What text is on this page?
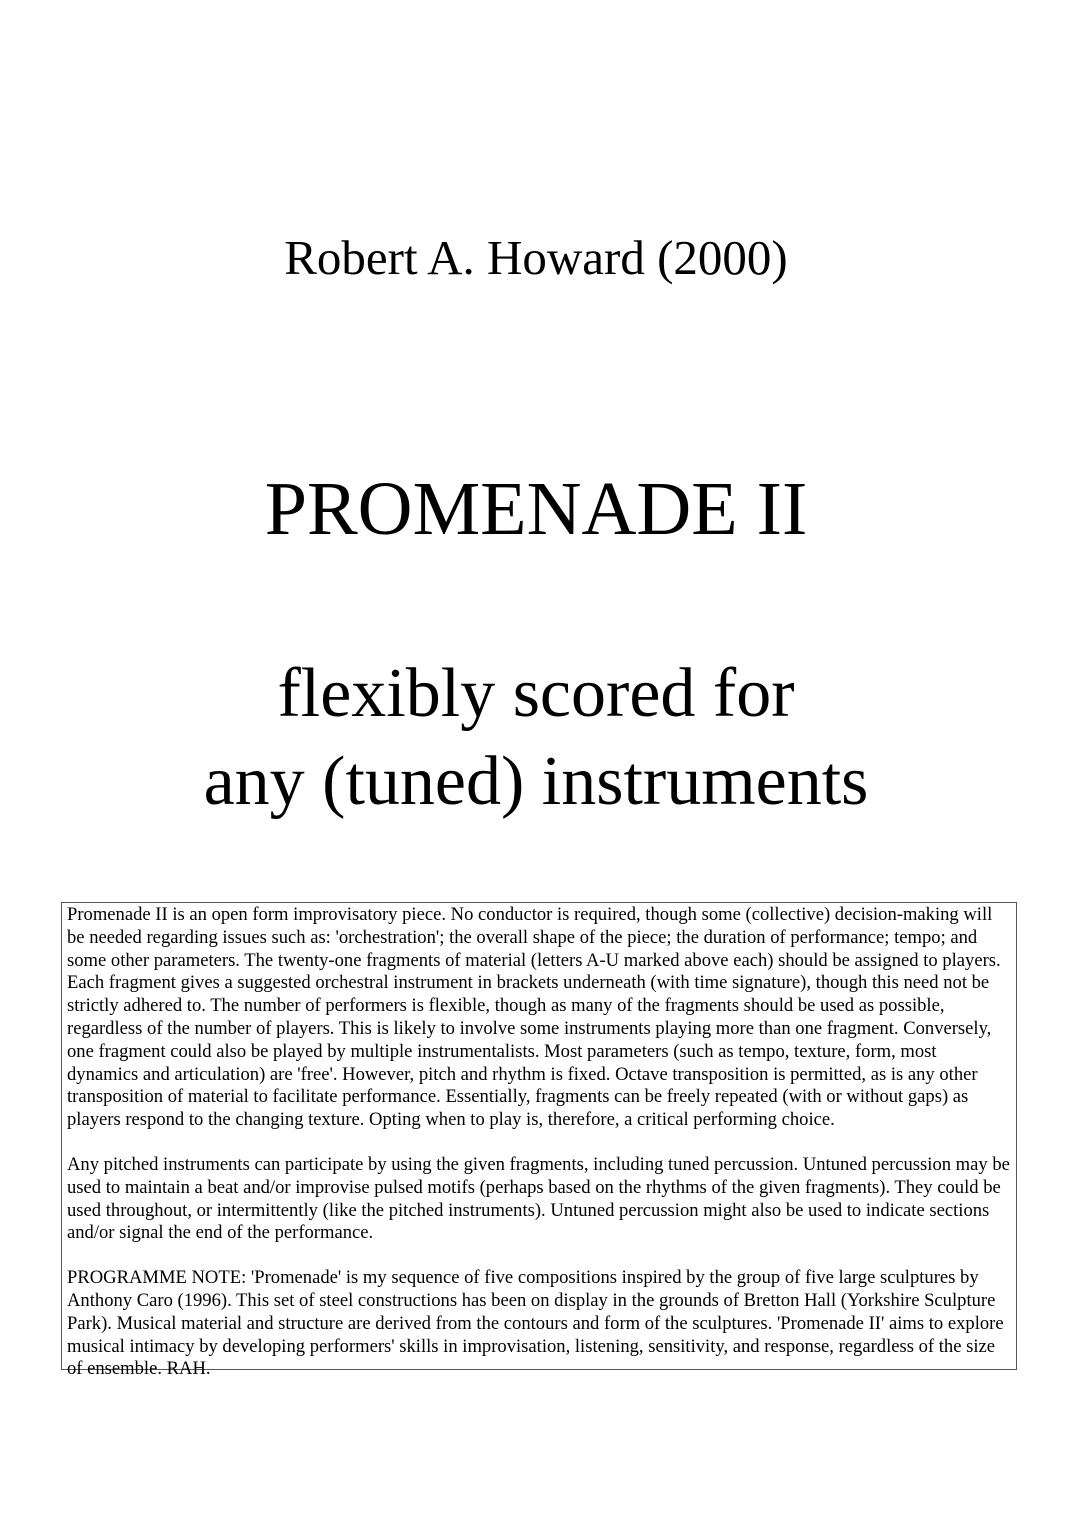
Robert A. Howard (2000)
PROMENADE II
flexibly scored for
any (tuned) instruments

Promenade II is an open form improvisatory piece. No conductor is required, though some (collective) decision-making will be needed regarding issues such as: 'orchestration'; the overall shape of the piece; the duration of performance; tempo; and some other parameters. The twenty-one fragments of material (letters A-U marked above each) should be assigned to players. Each fragment gives a suggested orchestral instrument in brackets underneath (with time signature), though this need not be strictly adhered to. The number of performers is flexible, though as many of the fragments should be used as possible, regardless of the number of players. This is likely to involve some instruments playing more than one fragment. Conversely, one fragment could also be played by multiple instrumentalists. Most parameters (such as tempo, texture, form, most dynamics and articulation) are 'free'. However, pitch and rhythm is fixed. Octave transposition is permitted, as is any other transposition of material to facilitate performance. Essentially, fragments can be freely repeated (with or without gaps) as players respond to the changing texture. Opting when to play is, therefore, a critical performing choice.

Any pitched instruments can participate by using the given fragments, including tuned percussion. Untuned percussion may be used to maintain a beat and/or improvise pulsed motifs (perhaps based on the rhythms of the given fragments). They could be used throughout, or intermittently (like the pitched instruments). Untuned percussion might also be used to indicate sections and/or signal the end of the performance.

PROGRAMME NOTE: 'Promenade' is my sequence of five compositions inspired by the group of five large sculptures by Anthony Caro (1996). This set of steel constructions has been on display in the grounds of Bretton Hall (Yorkshire Sculpture Park). Musical material and structure are derived from the contours and form of the sculptures. 'Promenade II' aims to explore musical intimacy by developing performers' skills in improvisation, listening, sensitivity, and response, regardless of the size of ensemble. RAH.
